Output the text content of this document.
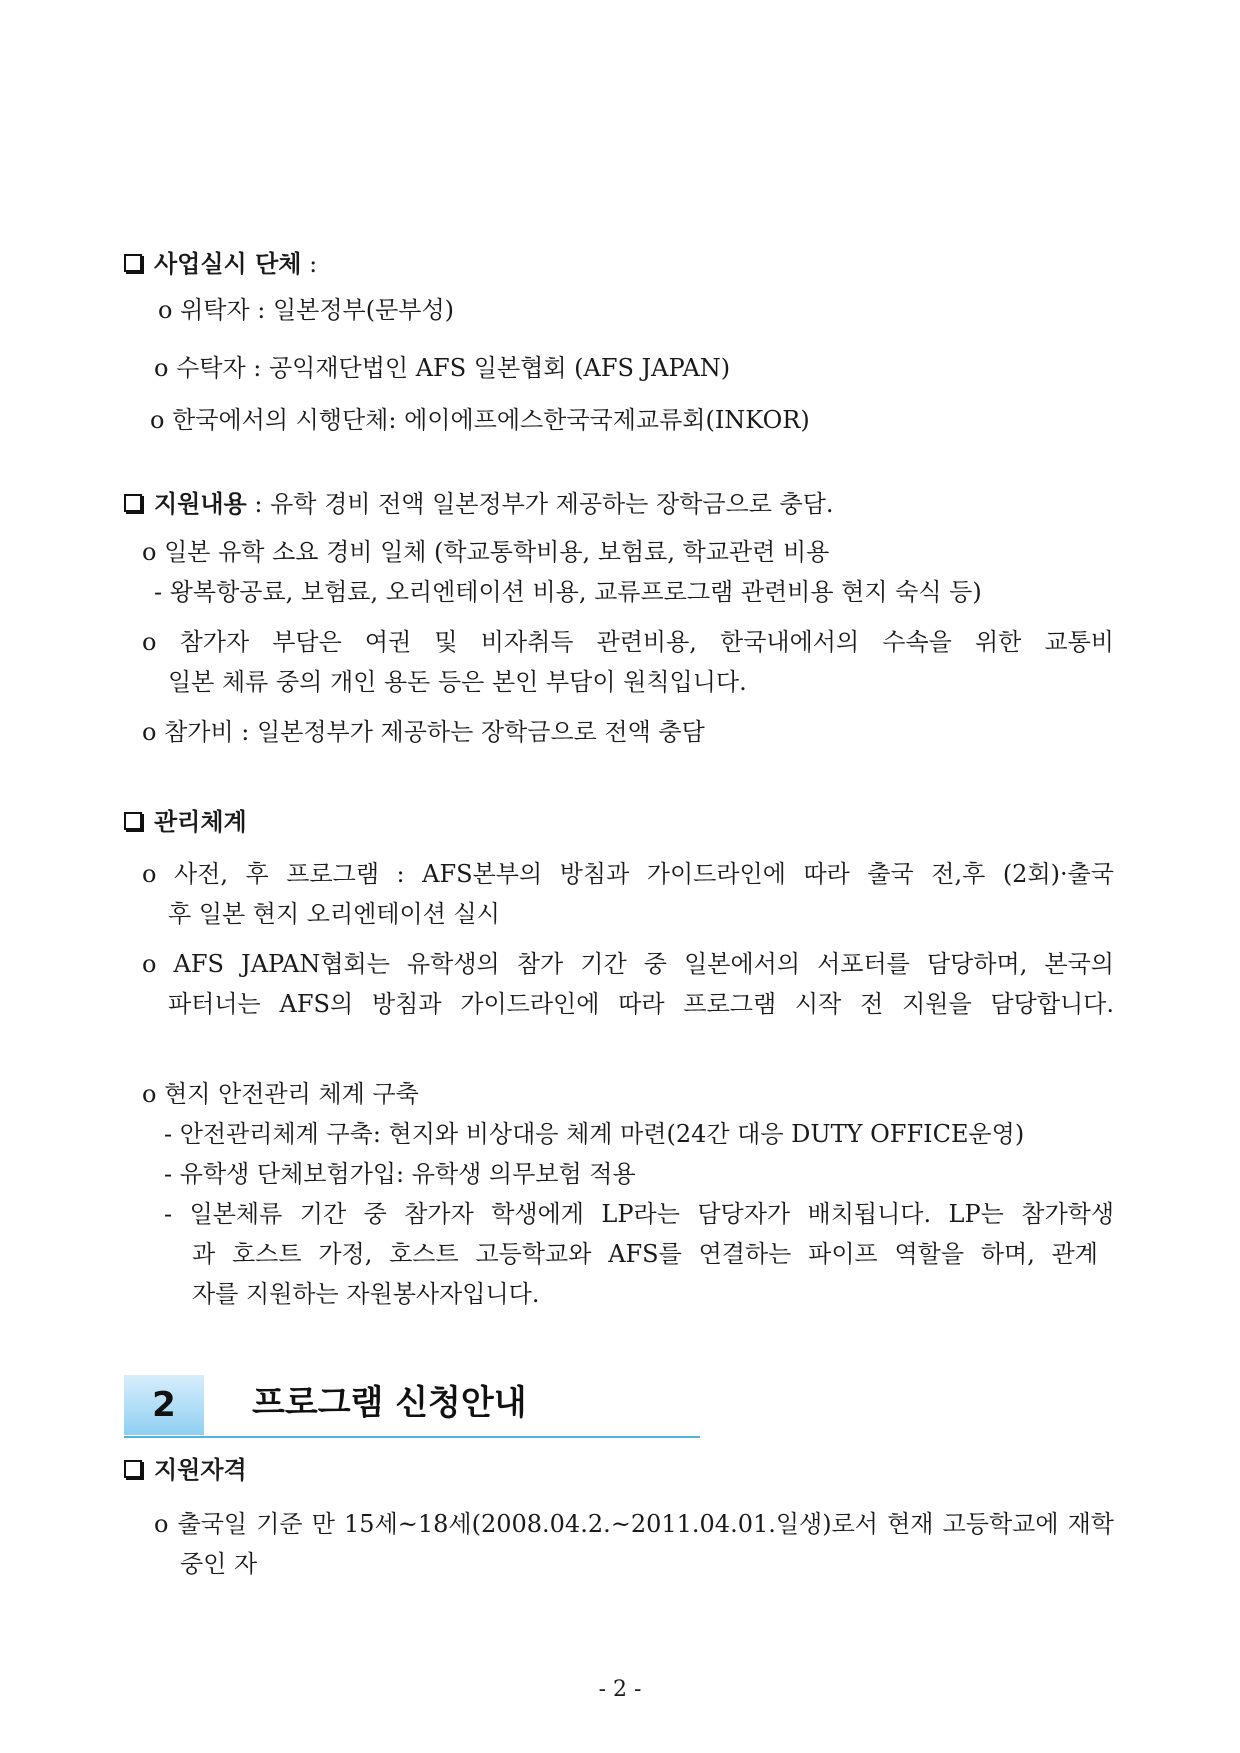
사업실시 단체 :
o 위탁자 : 일본정부(문부성)
o 수탁자 : 공익재단법인 AFS 일본협회 (AFS JAPAN)
o 한국에서의 시행단체: 에이에프에스한국국제교류회(INKOR)
지원내용 : 유학 경비 전액 일본정부가 제공하는 장학금으로 충담.
o 일본 유학 소요 경비 일체 (학교통학비용, 보험료, 학교관련 비용
- 왕복항공료, 보험료, 오리엔테이션 비용, 교류프로그램 관련비용 현지 숙식 등)
o 참가자 부담은 여권 및 비자취득 관련비용, 한국내에서의 수속을 위한 교통비
일본 체류 중의 개인 용돈 등은 본인 부담이 원칙입니다.
o 참가비 : 일본정부가 제공하는 장학금으로 전액 충담
관리체계
o 사전, 후 프로그램 : AFS본부의 방침과 가이드라인에 따라 출국 전,후 (2회)·출국
후 일본 현지 오리엔테이션 실시
o AFS JAPAN협회는 유학생의 참가 기간 중 일본에서의 서포터를 담당하며, 본국의
파터너는 AFS의 방침과 가이드라인에 따라 프로그램 시작 전 지원을 담당합니다.
o 현지 안전관리 체계 구축
- 안전관리체계 구축: 현지와 비상대응 체계 마련(24간 대응 DUTY OFFICE운영)
- 유학생 단체보험가입: 유학생 의무보험 적용
- 일본체류 기간 중 참가자 학생에게 LP라는 담당자가 배치됩니다. LP는 참가학생
과 호스트 가정, 호스트 고등학교와 AFS를 연결하는 파이프 역할을 하며, 관계
자를 지원하는 자원봉사자입니다.
2	프로그램 신청안내
지원자격
o 출국일 기준 만 15세~18세(2008.04.2.~2011.04.01.일생)로서 현재 고등학교에 재학
중인 자
- 2 -
